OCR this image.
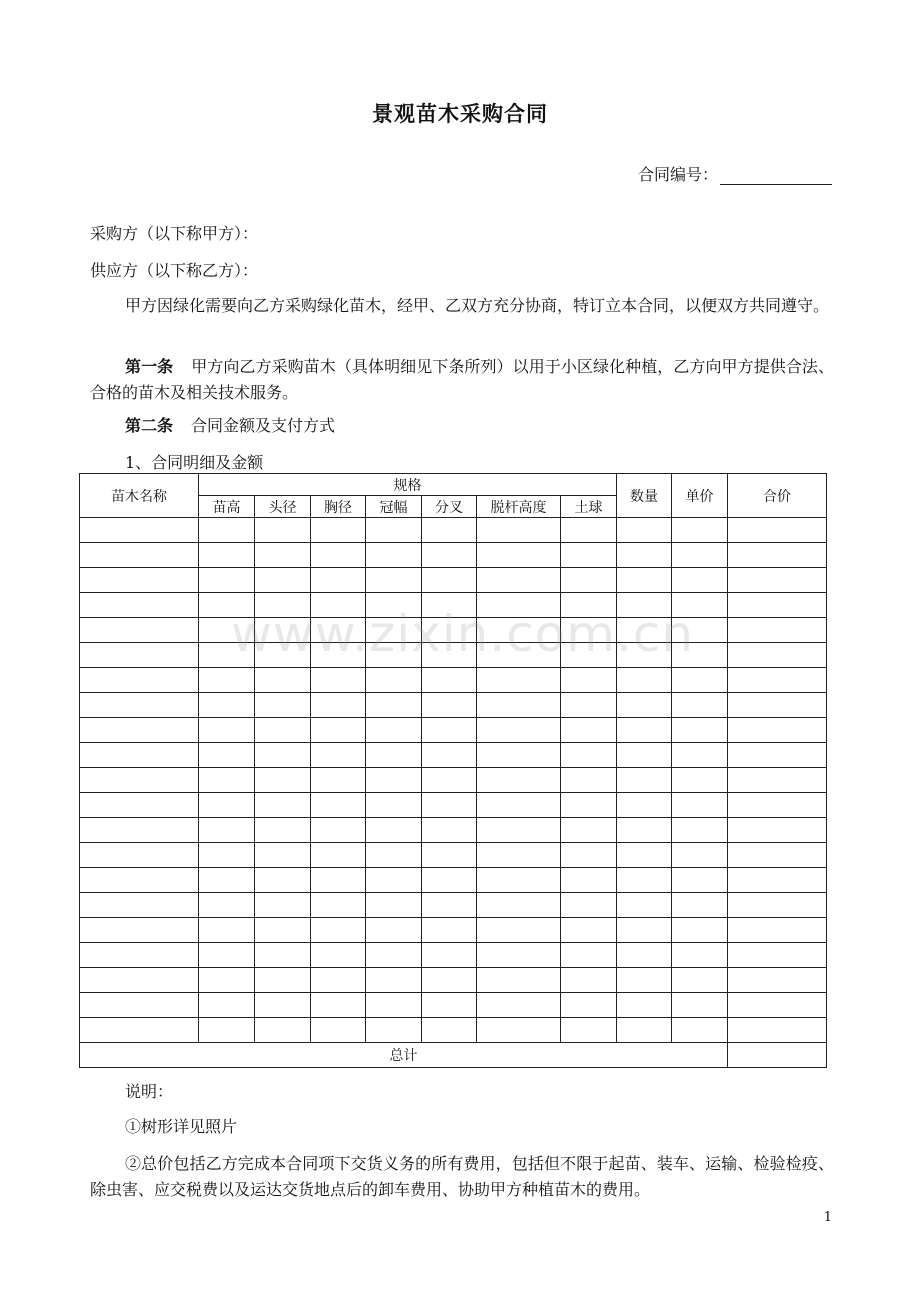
景观苗木采购合同
合同编号：
采购方（以下称甲方）：
供应方（以下称乙方）：
甲方因绿化需要向乙方采购绿化苗木，经甲、乙双方充分协商，特订立本合同，以便双方共同遵守。
第一条 甲方向乙方采购苗木（具体明细见下条所列）以用于小区绿化种植，乙方向甲方提供合法、合格的苗木及相关技术服务。
第二条 合同金额及支付方式
1、合同明细及金额
苗木名称	规格							数量	单价	合价
	苗高	头径	胸径	冠幅	分叉	脱杆高度	土球			

总计										
www.zixin.com.cn
说明：
①树形详见照片
②总价包括乙方完成本合同项下交货义务的所有费用，包括但不限于起苗、装车、运输、检验检疫、除虫害、应交税费以及运达交货地点后的卸车费用、协助甲方种植苗木的费用。
1
